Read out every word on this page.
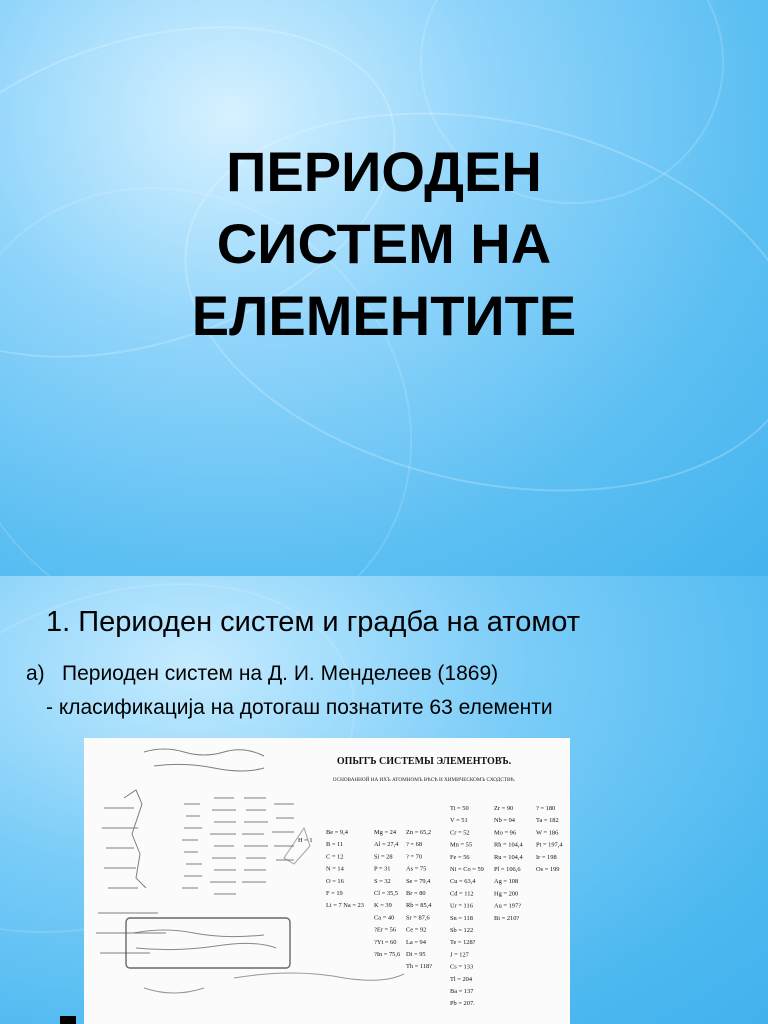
ПЕРИОДЕН
СИСТЕМ НА
ЕЛЕМЕНТИТЕ
1. Периоден систем и градба на атомот
а) Периоден систем на Д. И. Менделеев (1869)
- класификација на дотогаш познатите 63 елементи
ОПЫТЪ СИСТЕМЫ ЭЛЕМЕНТОВЪ.
ОСНОВАННОЙ НА ИХЪ АТОМНОМЪ ВѢСѢ И ХИМИЧЕСКОМЪ СХОДСТВѢ.
H = 1
Be = 9,4
B = 11
C = 12
N = 14
O = 16
F = 19
Li = 7 Na = 23
Mg = 24
Al = 27,4
Si = 28
P = 31
S = 32
Cl = 35,5
K = 39
Ca = 40
?Er = 56
?Yt = 60
?In = 75,6
Zn = 65,2
? = 68
? = 70
As = 75
Se = 79,4
Br = 80
Rb = 85,4
Sr = 87,6
Ce = 92
La = 94
Di = 95
Th = 118?
Ti = 50
V = 51
Cr = 52
Mn = 55
Fe = 56
Ni = Co = 59
Cu = 63,4
Cd = 112
Ur = 116
Sn = 118
Sb = 122
Te = 128?
J = 127
Cs = 133
Tl = 204
Ba = 137
Pb = 207.
Zr = 90
Nb = 94
Mo = 96
Rh = 104,4
Ru = 104,4
Pl = 106,6
Ag = 108
Hg = 200
Au = 197?
Bi = 210?
? = 180
Ta = 182
W = 186
Pt = 197,4
Ir = 198
Os = 199
